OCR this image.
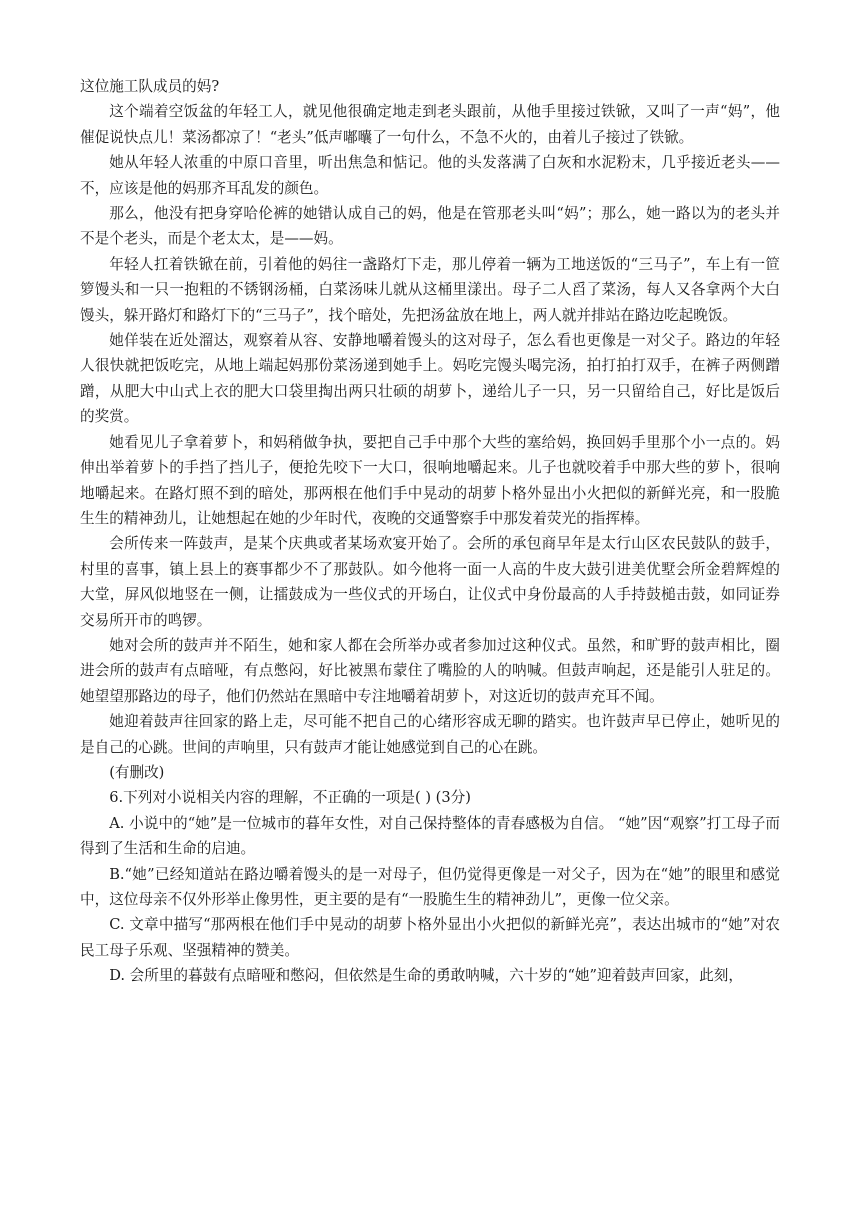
这位施工队成员的妈?

这个端着空饭盆的年轻工人，就见他很确定地走到老头跟前，从他手里接过铁锨，又叫了一声“妈”，他催促说快点儿！菜汤都凉了！“老头”低声嘟囔了一句什么，不急不火的，由着儿子接过了铁锨。

她从年轻人浓重的中原口音里，听出焦急和惦记。他的头发落满了白灰和水泥粉末，几乎接近老头——不，应该是他的妈那齐耳乱发的颜色。

那么，他没有把身穿哈伦裤的她错认成自己的妈，他是在管那老头叫“妈”；那么，她一路以为的老头并不是个老头，而是个老太太，是——妈。

年轻人扛着铁锨在前，引着他的妈往一盏路灯下走，那儿停着一辆为工地送饭的“三马子”，车上有一笸箩馒头和一只一抱粗的不锈钢汤桶，白菜汤味儿就从这桶里漾出。母子二人舀了菜汤，每人又各拿两个大白馒头，躲开路灯和路灯下的“三马子”，找个暗处，先把汤盆放在地上，两人就并排站在路边吃起晚饭。

她佯装在近处溜达，观察着从容、安静地嚼着馒头的这对母子，怎么看也更像是一对父子。路边的年轻人很快就把饭吃完，从地上端起妈那份菜汤递到她手上。妈吃完馒头喝完汤，拍打拍打双手，在裤子两侧蹭蹭，从肥大中山式上衣的肥大口袋里掏出两只壮硕的胡萝卜，递给儿子一只，另一只留给自己，好比是饭后的奖赏。

她看见儿子拿着萝卜，和妈稍做争执，要把自己手中那个大些的塞给妈，换回妈手里那个小一点的。妈伸出举着萝卜的手挡了挡儿子，便抢先咬下一大口，很响地嚼起来。儿子也就咬着手中那大些的萝卜，很响地嚼起来。在路灯照不到的暗处，那两根在他们手中晃动的胡萝卜格外显出小火把似的新鲜光亮，和一股脆生生的精神劲儿，让她想起在她的少年时代，夜晚的交通警察手中那发着荧光的指挥棒。

会所传来一阵鼓声，是某个庆典或者某场欢宴开始了。会所的承包商早年是太行山区农民鼓队的鼓手，村里的喜事，镇上县上的赛事都少不了那鼓队。如今他将一面一人高的牛皮大鼓引进美优墅会所金碧辉煌的大堂，屏风似地竖在一侧，让擂鼓成为一些仪式的开场白，让仪式中身份最高的人手持鼓槌击鼓，如同证券交易所开市的鸣锣。

她对会所的鼓声并不陌生，她和家人都在会所举办或者参加过这种仪式。虽然，和旷野的鼓声相比，圈进会所的鼓声有点暗哑，有点憋闷，好比被黑布蒙住了嘴脸的人的呐喊。但鼓声响起，还是能引人驻足的。她望望那路边的母子，他们仍然站在黑暗中专注地嚼着胡萝卜，对这近切的鼓声充耳不闻。

她迎着鼓声往回家的路上走，尽可能不把自己的心绪形容成无聊的踏实。也许鼓声早已停止，她听见的是自己的心跳。世间的声响里，只有鼓声才能让她感觉到自己的心在跳。

(有删改)

6.下列对小说相关内容的理解，不正确的一项是( ) (3分)

A. 小说中的“她”是一位城市的暮年女性，对自己保持整体的青春感极为自信。 “她”因“观察”打工母子而得到了生活和生命的启迪。

B.“她”已经知道站在路边嚼着馒头的是一对母子，但仍觉得更像是一对父子，因为在“她”的眼里和感觉中，这位母亲不仅外形举止像男性，更主要的是有“一股脆生生的精神劲儿”，更像一位父亲。

C. 文章中描写“那两根在他们手中晃动的胡萝卜格外显出小火把似的新鲜光亮”，表达出城市的“她”对农民工母子乐观、坚强精神的赞美。

D. 会所里的暮鼓有点暗哑和憋闷，但依然是生命的勇敢呐喊，六十岁的“她”迎着鼓声回家，此刻，
